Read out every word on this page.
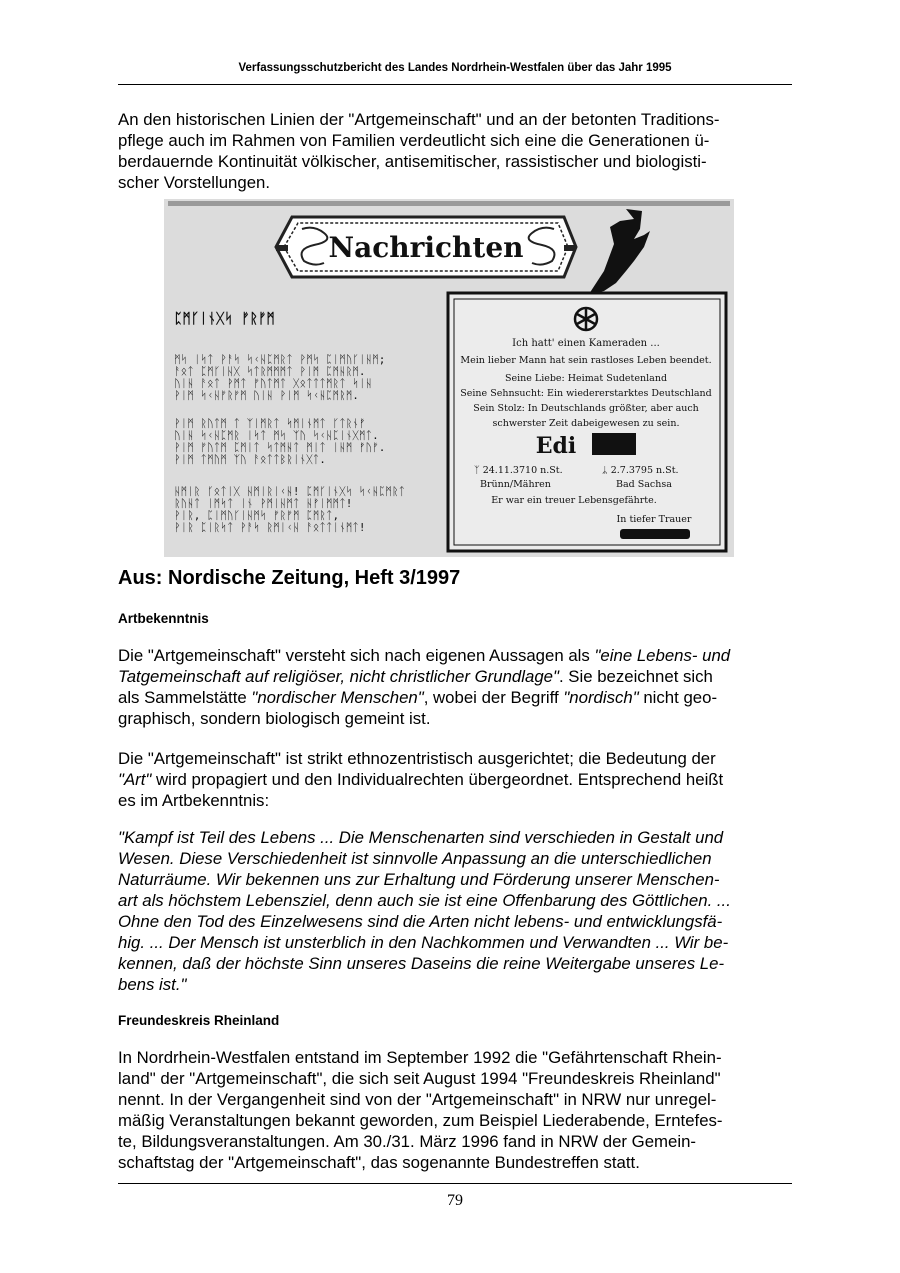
Verfassungsschutzbericht des Landes Nordrhein-Westfalen über das Jahr 1995
An den historischen Linien der "Artgemeinschaft" und an der betonten Traditions-
pflege auch im Rahmen von Familien verdeutlicht sich eine die Generationen ü-
berdauernde Kontinuität völkischer, antisemitischer, rassistischer und biologisti-
scher Vorstellungen.
Nachrichten
ᛈᛗᚴᛁᚾᚷᛋ ᚠᚱᚠᛗ
ᛗᛋ ᛁᛋᛏ ᚹᚨᛋ ᛋᚲᚺᛈᛗᚱᛏ ᚹᛗᛋ ᛈᛁᛗᚢᚴᛁᚺᛗ;
ᚨᛟᛏ ᛈᛗᚴᛁᚺᚷ ᛋᛏᚱᛗᛗᛗᛏ ᚹᛁᛗ ᛈᛗᚺᚱᛗ.
ᚢᛁᚺ ᚨᛟᛏ ᚹᛗᛏ ᚠᚢᛏᛗᛏ ᚷᛟᛏᛏᛏᛗᚱᛏ ᛋᛁᚺ
ᚹᛁᛗ ᛋᚲᚺᚠᚱᚠᛗ ᚢᛁᚺ ᚹᛁᛗ ᛋᚲᚺᛈᛗᚱᛗ.
ᚹᛁᛗ ᚱᚢᛏᛗ ᛏ ᛉᛁᛗᚱᛏ ᛋᛗᛁᚾᛗᛏ ᚴᛏᚱᚾᚠ
ᚢᛁᚺ ᛋᚲᚺᛈᛗᚱ ᛁᛋᛏ ᛗᛋ ᛉᚢ ᛋᚲᚺᛈᛁᚾᚷᛗᛏ.
ᚹᛁᛗ ᚠᚢᛏᛗ ᛈᛗᛁᛏ ᛋᛏᛗᚺᛏ ᛗᛁᛏ ᛁᚺᛗ ᚠᚢᚠ.
ᚹᛁᛗ ᛏᛗᚢᛗ ᛉᚢ ᚨᛟᛏᛏᛒᚱᛁᚾᚷᛏ.
ᚺᛗᛁᚱ ᚴᛟᛏᛁᚷ ᚺᛗᛁᚱᛁᚲᚺ! ᛈᛗᚴᛁᚾᚷᛋ ᛋᚲᚺᛈᛗᚱᛏ
ᚱᚢᚺᛏ ᛁᛗᛋᛏ ᛁᚾ ᚹᛗᛁᚺᛗᛏ ᚺᚠᛁᛗᛗᛏ!
ᚹᛁᚱ, ᛈᛁᛗᚢᚴᛁᚺᛗᛋ ᚠᚱᚠᛗ ᛈᛗᚱᛏ,
ᚹᛁᚱ ᛈᛁᚱᛋᛏ ᚹᚨᛋ ᚱᛗᛁᚲᚺ ᚨᛟᛏᛏᛁᚾᛗᛏ!
Ich hatt' einen Kameraden ...
Mein lieber Mann hat sein rastloses Leben beendet.
Seine Liebe: Heimat Sudetenland
Seine Sehnsucht: Ein wiedererstarktes Deutschland
Sein Stolz: In Deutschlands größter, aber auch
schwerster Zeit dabeigewesen zu sein.
Edi
ᛉ 24.11.3710 n.St.	ᛦ 2.7.3795 n.St.
Brünn/Mähren	Bad Sachsa
Er war ein treuer Lebensgefährte.
In tiefer Trauer

Aus: Nordische Zeitung, Heft 3/1997

Artbekenntnis

Die "Artgemeinschaft" versteht sich nach eigenen Aussagen als "eine Lebens- und
Tatgemeinschaft auf religiöser, nicht christlicher Grundlage". Sie bezeichnet sich
als Sammelstätte "nordischer Menschen", wobei der Begriff "nordisch" nicht geo-
graphisch, sondern biologisch gemeint ist.
Die "Artgemeinschaft" ist strikt ethnozentristisch ausgerichtet; die Bedeutung der
"Art" wird propagiert und den Individualrechten übergeordnet. Entsprechend heißt
es im Artbekenntnis:
"Kampf ist Teil des Lebens ... Die Menschenarten sind verschieden in Gestalt und
Wesen. Diese Verschiedenheit ist sinnvolle Anpassung an die unterschiedlichen
Naturräume. Wir bekennen uns zur Erhaltung und Förderung unserer Menschen-
art als höchstem Lebensziel, denn auch sie ist eine Offenbarung des Göttlichen. ...
Ohne den Tod des Einzelwesens sind die Arten nicht lebens- und entwicklungsfä-
hig. ... Der Mensch ist unsterblich in den Nachkommen und Verwandten ... Wir be-
kennen, daß der höchste Sinn unseres Daseins die reine Weitergabe unseres Le-
bens ist."

Freundeskreis Rheinland

In Nordrhein-Westfalen entstand im September 1992 die "Gefährtenschaft Rhein-
land" der "Artgemeinschaft", die sich seit August 1994 "Freundeskreis Rheinland"
nennt. In der Vergangenheit sind von der "Artgemeinschaft" in NRW nur unregel-
mäßig Veranstaltungen bekannt geworden, zum Beispiel Liederabende, Erntefes-
te, Bildungsveranstaltungen. Am 30./31. März 1996 fand in NRW der Gemein-
schaftstag der "Artgemeinschaft", das sogenannte Bundestreffen statt.
79
